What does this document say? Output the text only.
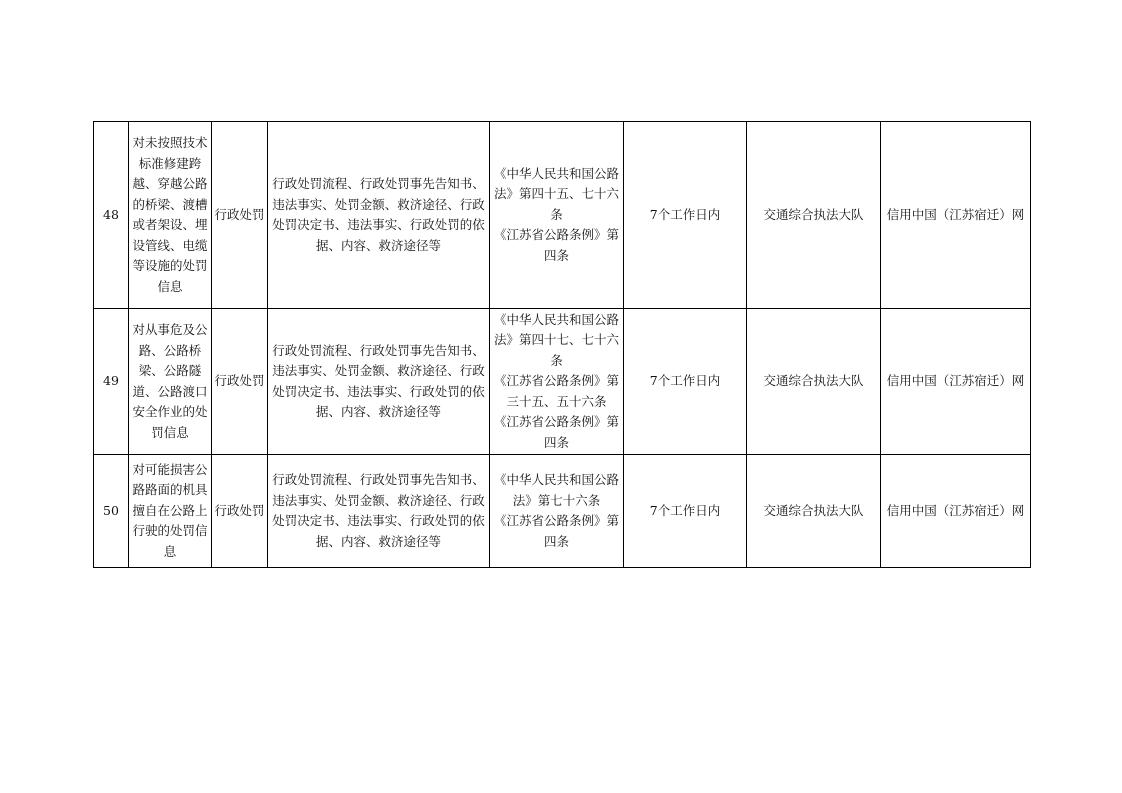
48	对未按照技术标准修建跨越、穿越公路的桥梁、渡槽或者架设、埋设管线、电缆等设施的处罚信息	行政处罚	行政处罚流程、行政处罚事先告知书、违法事实、处罚金额、救济途径、行政处罚决定书、违法事实、行政处罚的依据、内容、救济途径等	《中华人民共和国公路法》第四十五、七十六条
《江苏省公路条例》第四条	7个工作日内	交通综合执法大队	信用中国（江苏宿迁）网
49	对从事危及公路、公路桥梁、公路隧道、公路渡口安全作业的处罚信息	行政处罚	行政处罚流程、行政处罚事先告知书、违法事实、处罚金额、救济途径、行政处罚决定书、违法事实、行政处罚的依据、内容、救济途径等	《中华人民共和国公路法》第四十七、七十六条
《江苏省公路条例》第三十五、五十六条
《江苏省公路条例》第四条	7个工作日内	交通综合执法大队	信用中国（江苏宿迁）网
50	对可能损害公路路面的机具擅自在公路上行驶的处罚信息	行政处罚	行政处罚流程、行政处罚事先告知书、违法事实、处罚金额、救济途径、行政处罚决定书、违法事实、行政处罚的依据、内容、救济途径等	《中华人民共和国公路法》第七十六条
《江苏省公路条例》第四条	7个工作日内	交通综合执法大队	信用中国（江苏宿迁）网
